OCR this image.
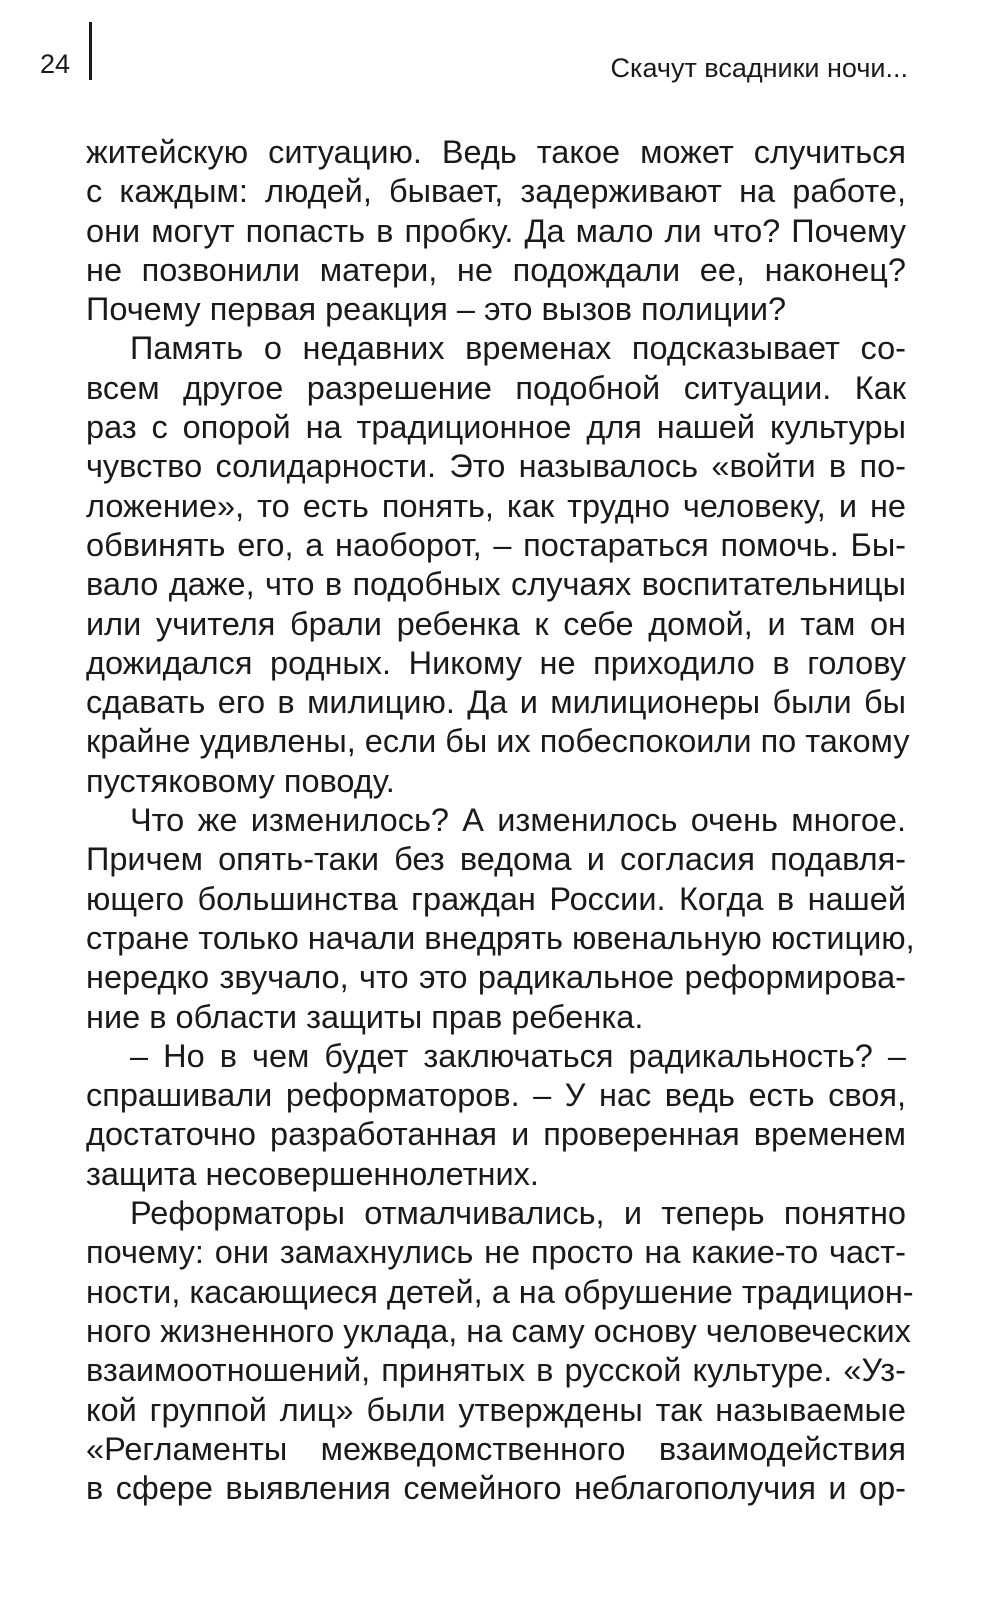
24	Скачут всадники ночи...
житейскую ситуацию. Ведь такое может случиться
с каждым: людей, бывает, задерживают на работе,
они могут попасть в пробку. Да мало ли что? Почему
не позвонили матери, не подождали ее, наконец?
Почему первая реакция – это вызов полиции?
Память о недавних временах подсказывает со-
всем другое разрешение подобной ситуации. Как
раз с опорой на традиционное для нашей культуры
чувство солидарности. Это называлось «войти в по-
ложение», то есть понять, как трудно человеку, и не
обвинять его, а наоборот, – постараться помочь. Бы-
вало даже, что в подобных случаях воспитательницы
или учителя брали ребенка к себе домой, и там он
дожидался родных. Никому не приходило в голову
сдавать его в милицию. Да и милиционеры были бы
крайне удивлены, если бы их побеспокоили по такому
пустяковому поводу.
Что же изменилось? А изменилось очень многое.
Причем опять-таки без ведома и согласия подавля-
ющего большинства граждан России. Когда в нашей
стране только начали внедрять ювенальную юстицию,
нередко звучало, что это радикальное реформирова-
ние в области защиты прав ребенка.
– Но в чем будет заключаться радикальность? –
спрашивали реформаторов. – У нас ведь есть своя,
достаточно разработанная и проверенная временем
защита несовершеннолетних.
Реформаторы отмалчивались, и теперь понятно
почему: они замахнулись не просто на какие-то част-
ности, касающиеся детей, а на обрушение традицион-
ного жизненного уклада, на саму основу человеческих
взаимоотношений, принятых в русской культуре. «Уз-
кой группой лиц» были утверждены так называемые
«Регламенты межведомственного взаимодействия
в сфере выявления семейного неблагополучия и ор-
